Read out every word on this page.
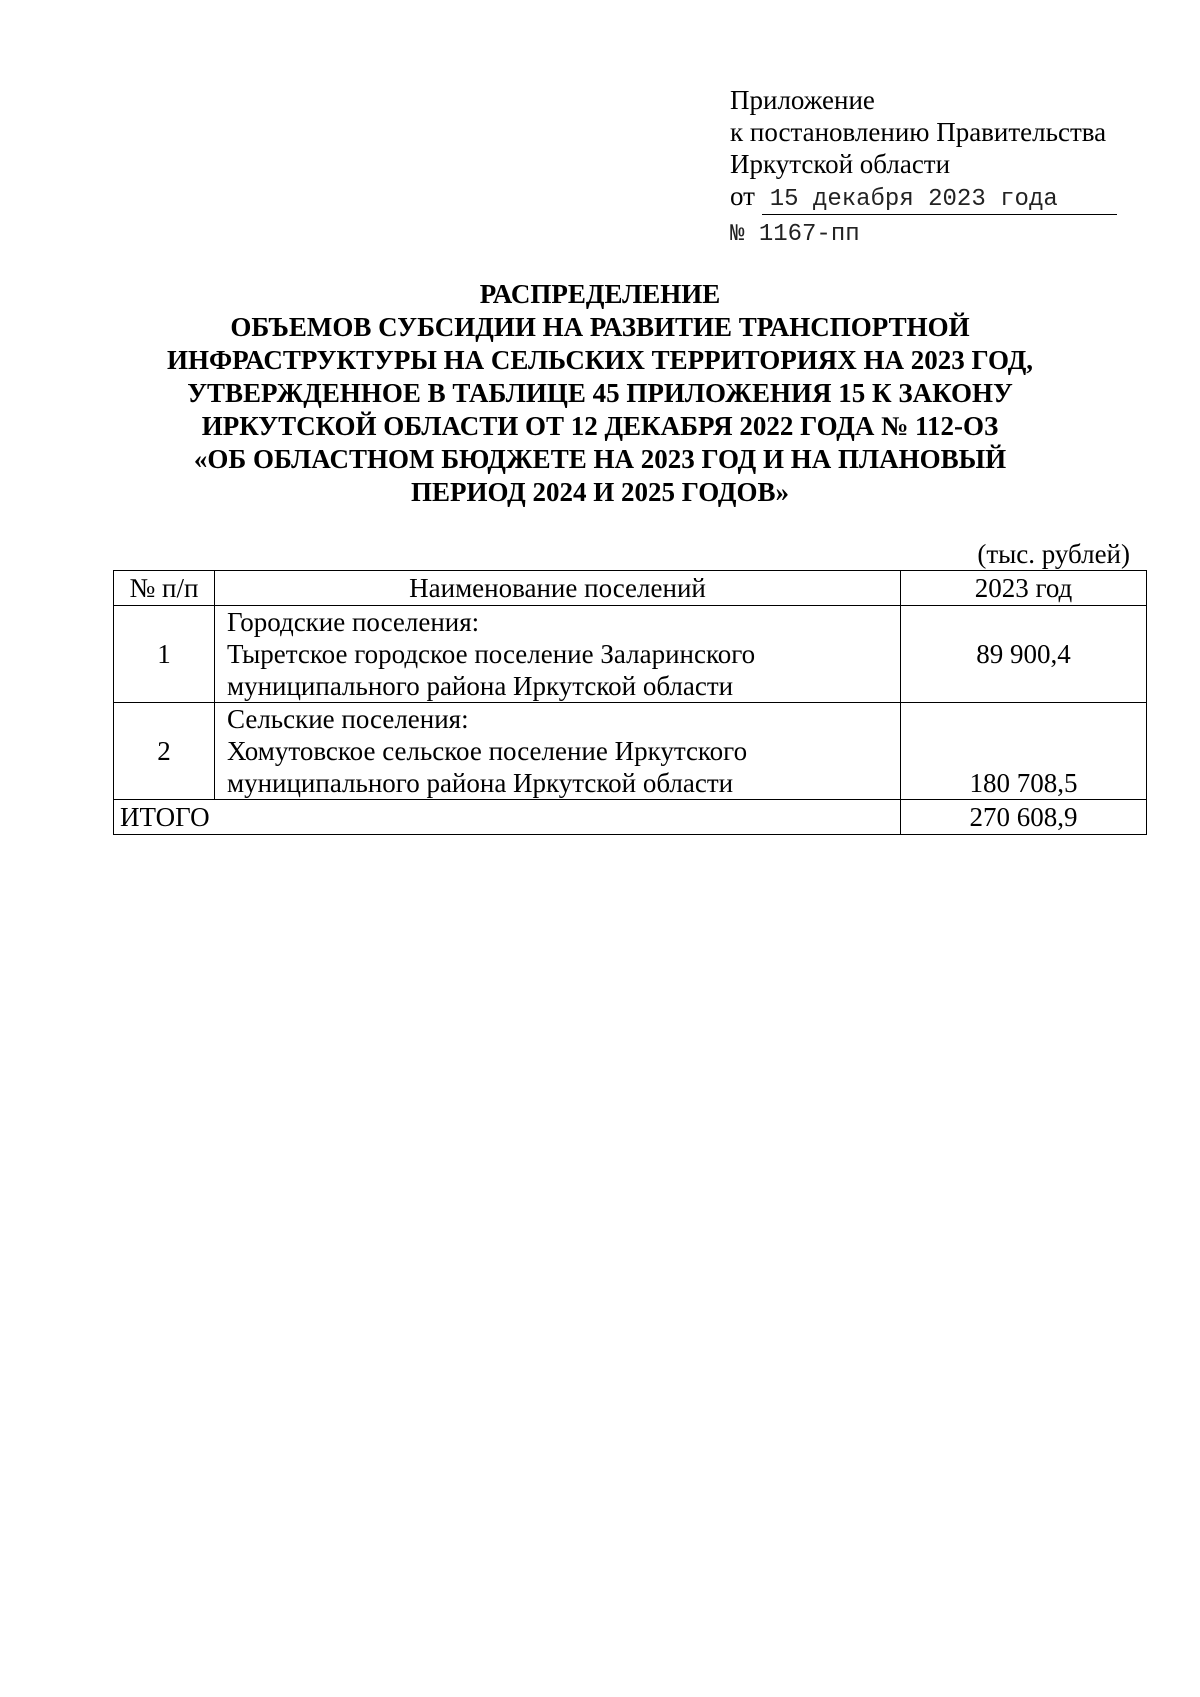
Приложение
к постановлению Правительства
Иркутской области
от 15 декабря 2023 года
№ 1167-пп
РАСПРЕДЕЛЕНИЕ
ОБЪЕМОВ СУБСИДИИ НА РАЗВИТИЕ ТРАНСПОРТНОЙ
ИНФРАСТРУКТУРЫ НА СЕЛЬСКИХ ТЕРРИТОРИЯХ НА 2023 ГОД,
УТВЕРЖДЕННОЕ В ТАБЛИЦЕ 45 ПРИЛОЖЕНИЯ 15 К ЗАКОНУ
ИРКУТСКОЙ ОБЛАСТИ ОТ 12 ДЕКАБРЯ 2022 ГОДА № 112-ОЗ
«ОБ ОБЛАСТНОМ БЮДЖЕТЕ НА 2023 ГОД И НА ПЛАНОВЫЙ
ПЕРИОД 2024 И 2025 ГОДОВ»
(тыс. рублей)
№ п/п	Наименование поселений	2023 год

1	Городские поселения:
Тыретское городское поселение Заларинского
муниципального района Иркутской области	89 900,4

2	Сельские поселения:
Хомутовское сельское поселение Иркутского
муниципального района Иркутской области	180 708,5

ИТОГО		270 608,9
